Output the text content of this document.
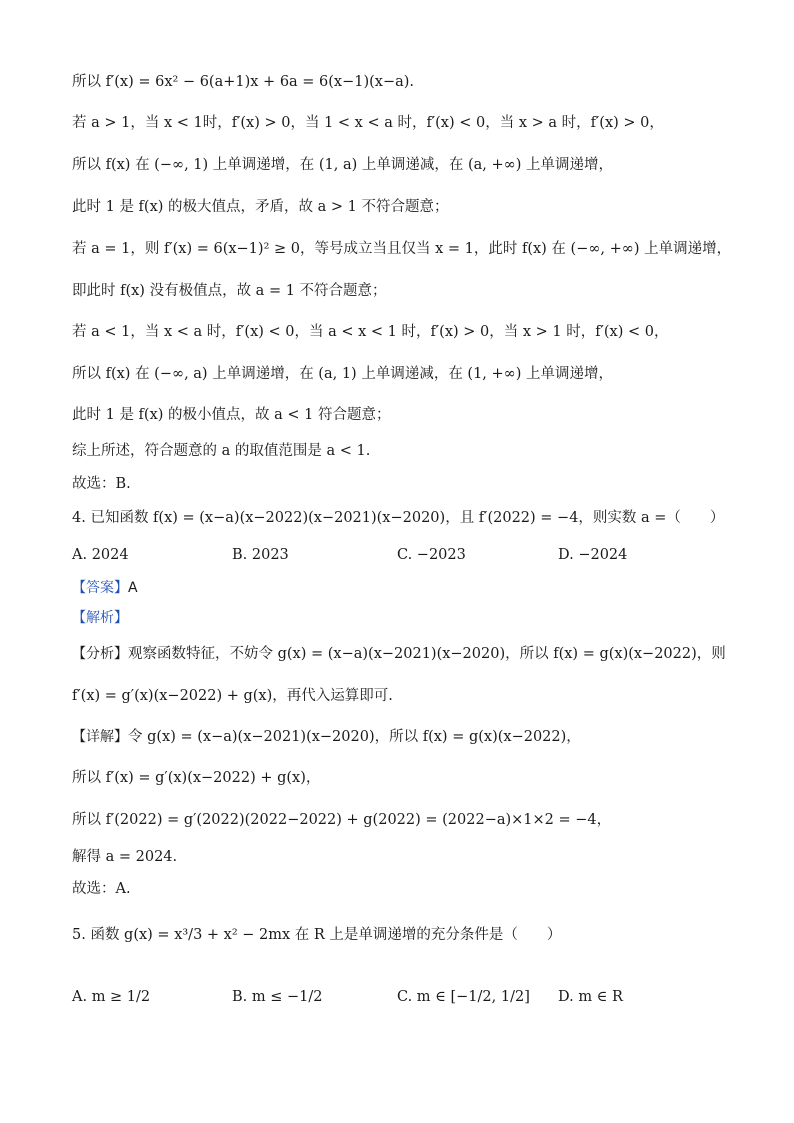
所以 f′(x) = 6x² − 6(a+1)x + 6a = 6(x−1)(x−a).
若 a > 1，当 x < 1时，f′(x) > 0，当 1 < x < a 时，f′(x) < 0，当 x > a 时，f′(x) > 0，
所以 f(x) 在 (−∞, 1) 上单调递增，在 (1, a) 上单调递减，在 (a, +∞) 上单调递增，
此时 1 是 f(x) 的极大值点，矛盾，故 a > 1 不符合题意；
若 a = 1，则 f′(x) = 6(x−1)² ≥ 0，等号成立当且仅当 x = 1，此时 f(x) 在 (−∞, +∞) 上单调递增，
即此时 f(x) 没有极值点，故 a = 1 不符合题意；
若 a < 1，当 x < a 时，f′(x) < 0，当 a < x < 1 时，f′(x) > 0，当 x > 1 时，f′(x) < 0，
所以 f(x) 在 (−∞, a) 上单调递增，在 (a, 1) 上单调递减，在 (1, +∞) 上单调递增，
此时 1 是 f(x) 的极小值点，故 a < 1 符合题意；
综上所述，符合题意的 a 的取值范围是 a < 1.
故选：B.
4. 已知函数 f(x) = (x−a)(x−2022)(x−2021)(x−2020)，且 f′(2022) = −4，则实数 a =（　　）
A. 2024	B. 2023	C. −2023	D. −2024
【答案】A
【解析】
【分析】观察函数特征，不妨令 g(x) = (x−a)(x−2021)(x−2020)，所以 f(x) = g(x)(x−2022)，则
f′(x) = g′(x)(x−2022) + g(x)，再代入运算即可.
【详解】令 g(x) = (x−a)(x−2021)(x−2020)，所以 f(x) = g(x)(x−2022)，
所以 f′(x) = g′(x)(x−2022) + g(x)，
所以 f′(2022) = g′(2022)(2022−2022) + g(2022) = (2022−a)×1×2 = −4，
解得 a = 2024.
故选：A.
5. 函数 g(x) = x³/3 + x² − 2mx 在 R 上是单调递增的充分条件是（　　）
A. m ≥ 1/2	B. m ≤ −1/2	C. m ∈ [−1/2, 1/2] D. m ∈ R
